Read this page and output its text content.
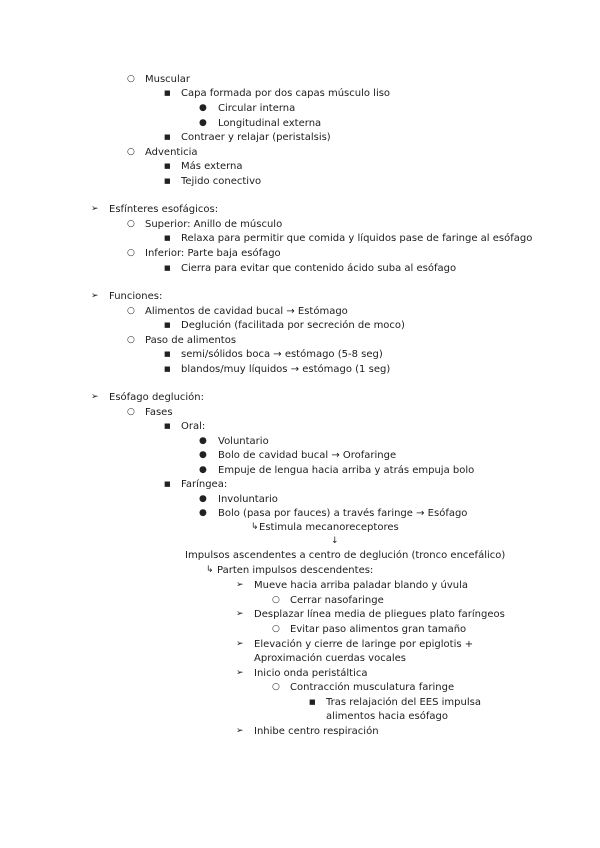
○ Muscular
■ Capa formada por dos capas músculo liso
● Circular interna
● Longitudinal externa
■ Contraer y relajar (peristalsis)
○ Adventicia
■ Más externa
■ Tejido conectivo
➢ Esfínteres esofágicos:
○ Superior: Anillo de músculo
■ Relaxa para permitir que comida y líquidos pase de faringe al esófago
○ Inferior: Parte baja esófago
■ Cierra para evitar que contenido ácido suba al esófago
➢ Funciones:
○ Alimentos de cavidad bucal → Estómago
■ Deglución (facilitada por secreción de moco)
○ Paso de alimentos
■ semi/sólidos boca → estómago (5-8 seg)
■ blandos/muy líquidos → estómago (1 seg)
➢ Esófago deglución:
○ Fases
■ Oral:
● Voluntario
● Bolo de cavidad bucal → Orofaringe
● Empuje de lengua hacia arriba y atrás empuja bolo
■ Faríngea:
● Involuntario
● Bolo (pasa por fauces) a través faringe → Esófago
↳ Estimula mecanoreceptores
↓
Impulsos ascendentes a centro de deglución (tronco encefálico)
↳ Parten impulsos descendentes:
➢ Mueve hacia arriba paladar blando y úvula
○ Cerrar nasofaringe
➢ Desplazar línea media de pliegues plato faríngeos
○ Evitar paso alimentos gran tamaño
➢ Elevación y cierre de laringe por epiglotis +
Aproximación cuerdas vocales
➢ Inicio onda peristáltica
○ Contracción musculatura faringe
■ Tras relajación del EES impulsa
alimentos hacia esófago
➢ Inhibe centro respiración
